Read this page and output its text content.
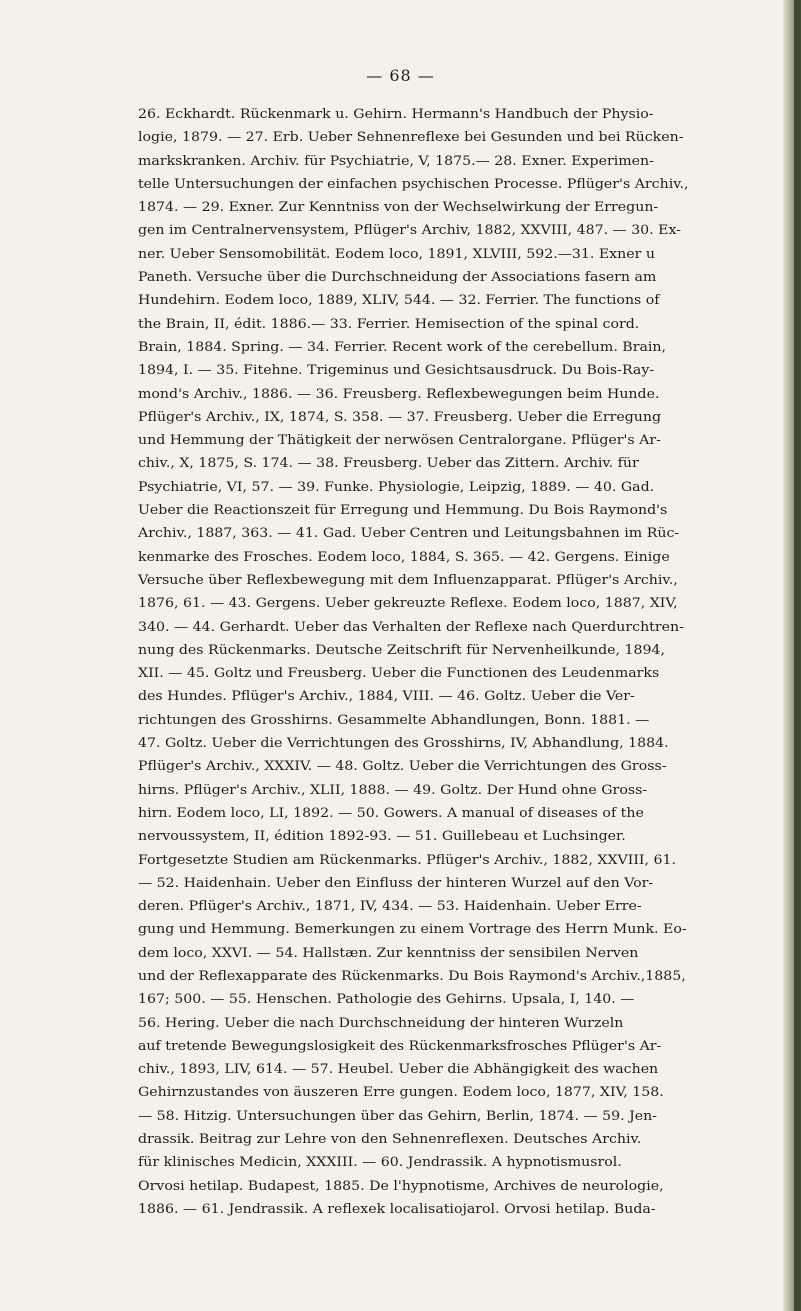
— 68 —
26. Eckhardt. Rückenmark u. Gehirn. Hermann's Handbuch der Physio-
logie, 1879. — 27. Erb. Ueber Sehnenreflexe bei Gesunden und bei Rücken-
markskranken. Archiv. für Psychiatrie, V, 1875.— 28. Exner. Experimen-
telle Untersuchungen der einfachen psychischen Processe. Pflüger's Archiv.,
1874. — 29. Exner. Zur Kenntniss von der Wechselwirkung der Erregun-
gen im Centralnervensystem, Pflüger's Archiv, 1882, XXVIII, 487. — 30. Ex-
ner. Ueber Sensomobilität. Eodem loco, 1891, XLVIII, 592.—31. Exner u
Paneth. Versuche über die Durchschneidung der Associations fasern am
Hundehirn. Eodem loco, 1889, XLIV, 544. — 32. Ferrier. The functions of
the Brain, II, édit. 1886.— 33. Ferrier. Hemisection of the spinal cord.
Brain, 1884. Spring. — 34. Ferrier. Recent work of the cerebellum. Brain,
1894, I. — 35. Fitehne. Trigeminus und Gesichtsausdruck. Du Bois-Ray-
mond's Archiv., 1886. — 36. Freusberg. Reflexbewegungen beim Hunde.
Pflüger's Archiv., IX, 1874, S. 358. — 37. Freusberg. Ueber die Erregung
und Hemmung der Thätigkeit der nerwösen Centralorgane. Pflüger's Ar-
chiv., X, 1875, S. 174. — 38. Freusberg. Ueber das Zittern. Archiv. für
Psychiatrie, VI, 57. — 39. Funke. Physiologie, Leipzig, 1889. — 40. Gad.
Ueber die Reactionszeit für Erregung und Hemmung. Du Bois Raymond's
Archiv., 1887, 363. — 41. Gad. Ueber Centren und Leitungsbahnen im Rüc-
kenmarke des Frosches. Eodem loco, 1884, S. 365. — 42. Gergens. Einige
Versuche über Reflexbewegung mit dem Influenzapparat. Pflüger's Archiv.,
1876, 61. — 43. Gergens. Ueber gekreuzte Reflexe. Eodem loco, 1887, XIV,
340. — 44. Gerhardt. Ueber das Verhalten der Reflexe nach Querdurchtren-
nung des Rückenmarks. Deutsche Zeitschrift für Nervenheilkunde, 1894,
XII. — 45. Goltz und Freusberg. Ueber die Functionen des Leudenmarks
des Hundes. Pflüger's Archiv., 1884, VIII. — 46. Goltz. Ueber die Ver-
richtungen des Grosshirns. Gesammelte Abhandlungen, Bonn. 1881. —
47. Goltz. Ueber die Verrichtungen des Grosshirns, IV, Abhandlung, 1884.
Pflüger's Archiv., XXXIV. — 48. Goltz. Ueber die Verrichtungen des Gross-
hirns. Pflüger's Archiv., XLII, 1888. — 49. Goltz. Der Hund ohne Gross-
hirn. Eodem loco, LI, 1892. — 50. Gowers. A manual of diseases of the
nervoussystem, II, édition 1892-93. — 51. Guillebeau et Luchsinger.
Fortgesetzte Studien am Rückenmarks. Pflüger's Archiv., 1882, XXVIII, 61.
— 52. Haidenhain. Ueber den Einfluss der hinteren Wurzel auf den Vor-
deren. Pflüger's Archiv., 1871, IV, 434. — 53. Haidenhain. Ueber Erre-
gung und Hemmung. Bemerkungen zu einem Vortrage des Herrn Munk. Eo-
dem loco, XXVI. — 54. Hallstæn. Zur kenntniss der sensibilen Nerven
und der Reflexapparate des Rückenmarks. Du Bois Raymond's Archiv.,1885,
167; 500. — 55. Henschen. Pathologie des Gehirns. Upsala, I, 140. —
56. Hering. Ueber die nach Durchschneidung der hinteren Wurzeln
auf tretende Bewegungslosigkeit des Rückenmarksfrosches Pflüger's Ar-
chiv., 1893, LIV, 614. — 57. Heubel. Ueber die Abhängigkeit des wachen
Gehirnzustandes von äuszeren Erre gungen. Eodem loco, 1877, XIV, 158.
— 58. Hitzig. Untersuchungen über das Gehirn, Berlin, 1874. — 59. Jen-
drassik. Beitrag zur Lehre von den Sehnenreflexen. Deutsches Archiv.
für klinisches Medicin, XXXIII. — 60. Jendrassik. A hypnotismusrol.
Orvosi hetilap. Budapest, 1885. De l'hypnotisme, Archives de neurologie,
1886. — 61. Jendrassik. A reflexek localisatiojarol. Orvosi hetilap. Buda-
